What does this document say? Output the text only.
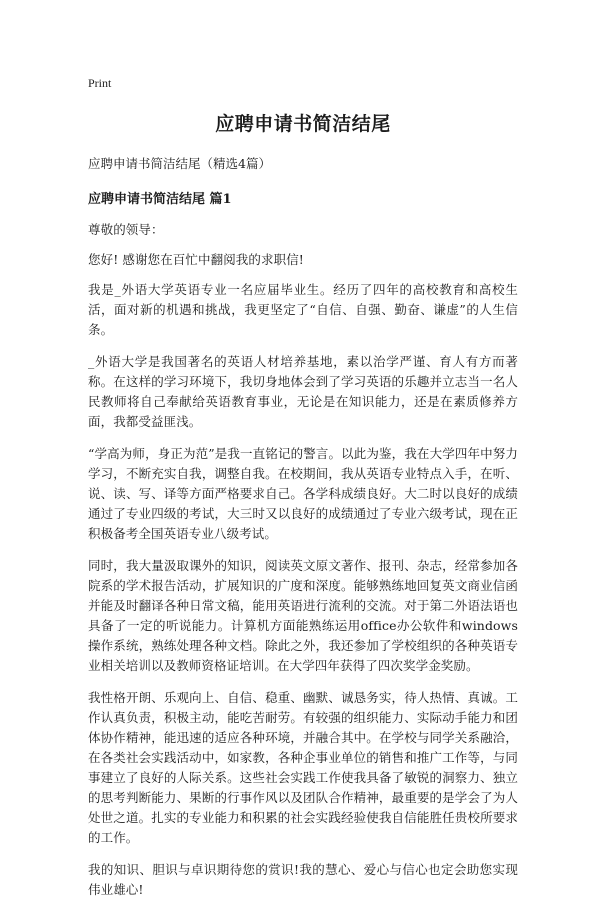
Print
应聘申请书简洁结尾

应聘申请书简洁结尾（精选4篇）

应聘申请书简洁结尾 篇1

尊敬的领导：

您好! 感谢您在百忙中翻阅我的求职信!

我是_外语大学英语专业一名应届毕业生。经历了四年的高校教育和高校生活，面对新的机遇和挑战，我更坚定了“自信、自强、勤奋、谦虚”的人生信条。

_外语大学是我国著名的英语人材培养基地，素以治学严谨、育人有方而著称。在这样的学习环境下，我切身地体会到了学习英语的乐趣并立志当一名人民教师将自己奉献给英语教育事业，无论是在知识能力，还是在素质修养方面，我都受益匪浅。

“学高为师，身正为范”是我一直铭记的警言。以此为鉴，我在大学四年中努力学习，不断充实自我，调整自我。在校期间，我从英语专业特点入手，在听、说、读、写、译等方面严格要求自己。各学科成绩良好。大二时以良好的成绩通过了专业四级的考试，大三时又以良好的成绩通过了专业六级考试，现在正积极备考全国英语专业八级考试。

同时，我大量汲取课外的知识，阅读英文原文著作、报刊、杂志，经常参加各院系的学术报告活动，扩展知识的广度和深度。能够熟练地回复英文商业信函并能及时翻译各种日常文稿，能用英语进行流利的交流。对于第二外语法语也具备了一定的听说能力。计算机方面能熟练运用office办公软件和windows操作系统，熟练处理各种文档。除此之外，我还参加了学校组织的各种英语专业相关培训以及教师资格证培训。在大学四年获得了四次奖学金奖励。

我性格开朗、乐观向上、自信、稳重、幽默、诚恳务实，待人热情、真诚。工作认真负责，积极主动，能吃苦耐劳。有较强的组织能力、实际动手能力和团体协作精神，能迅速的适应各种环境，并融合其中。在学校与同学关系融洽，在各类社会实践活动中，如家教，各种企事业单位的销售和推广工作等，与同事建立了良好的人际关系。这些社会实践工作使我具备了敏锐的洞察力、独立的思考判断能力、果断的行事作风以及团队合作精神，最重要的是学会了为人处世之道。扎实的专业能力和积累的社会实践经验使我自信能胜任贵校所要求的工作。

我的知识、胆识与卓识期待您的赏识!我的慧心、爱心与信心也定会助您实现伟业雄心!
